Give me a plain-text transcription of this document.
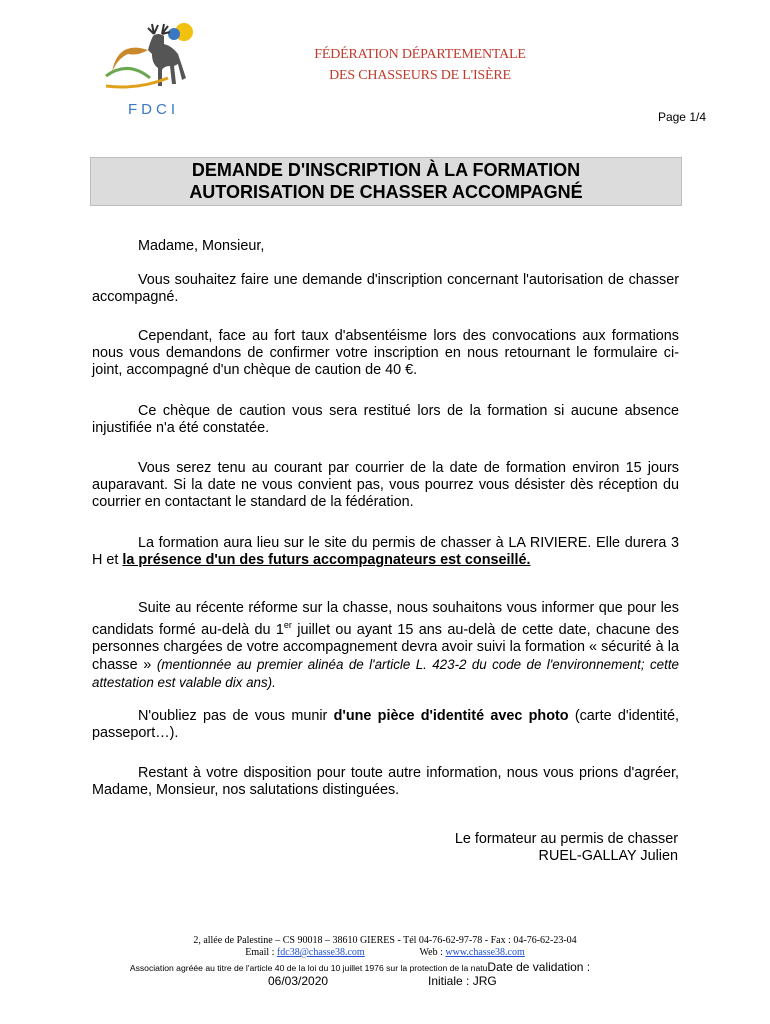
FDCI
FÉDÉRATION DÉPARTEMENTALE
DES CHASSEURS DE L'ISÈRE
Page 1/4
DEMANDE D'INSCRIPTION À LA FORMATION
AUTORISATION DE CHASSER ACCOMPAGNÉ
Madame, Monsieur,
Vous souhaitez faire une demande d'inscription concernant l'autorisation de chasser accompagné.
Cependant, face au fort taux d'absentéisme lors des convocations aux formations nous vous demandons de confirmer votre inscription en nous retournant le formulaire ci-joint, accompagné d'un chèque de caution de 40 €.
Ce chèque de caution vous sera restitué lors de la formation si aucune absence injustifiée n'a été constatée.
Vous serez tenu au courant par courrier de la date de formation environ 15 jours auparavant. Si la date ne vous convient pas, vous pourrez vous désister dès réception du courrier en contactant le standard de la fédération.
La formation aura lieu sur le site du permis de chasser à LA RIVIERE. Elle durera 3 H et la présence d'un des futurs accompagnateurs est conseillé.
Suite au récente réforme sur la chasse, nous souhaitons vous informer que pour les candidats formé au-delà du 1er juillet ou ayant 15 ans au-delà de cette date, chacune des personnes chargées de votre accompagnement devra avoir suivi la formation « sécurité à la chasse » (mentionnée au premier alinéa de l'article L. 423-2 du code de l'environnement; cette attestation est valable dix ans).
N'oubliez pas de vous munir d'une pièce d'identité avec photo (carte d'identité, passeport…).
Restant à votre disposition pour toute autre information, nous vous prions d'agréer, Madame, Monsieur, nos salutations distinguées.
Le formateur au permis de chasser
RUEL-GALLAY Julien
2, allée de Palestine – CS 90018 – 38610 GIERES - Tél 04-76-62-97-78 - Fax : 04-76-62-23-04
Email : fdc38@chasse38.com	Web : www.chasse38.com
Association agréée au titre de l'article 40 de la loi du 10 juillet 1976 sur la protection de la natuDate de validation :
06/03/2020	Initiale : JRG
